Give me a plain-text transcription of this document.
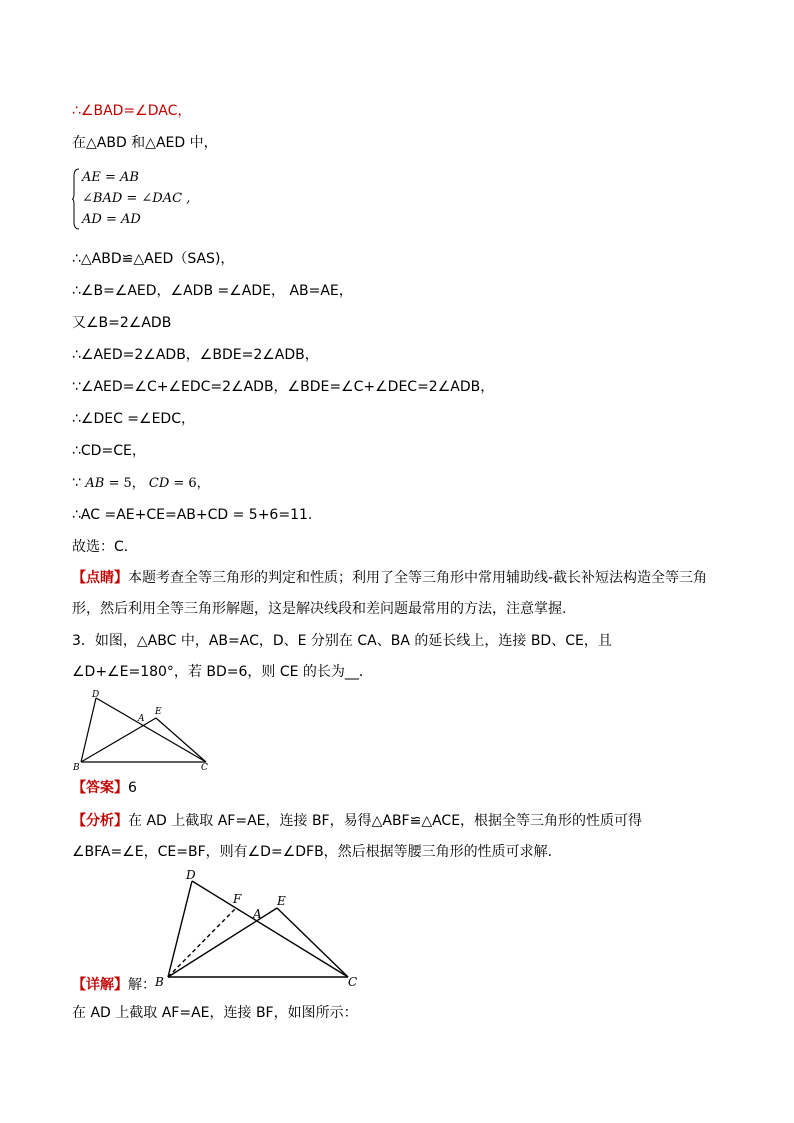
∴∠BAD=∠DAC，
在△ABD 和△AED 中，
AE = AB
∠BAD = ∠DAC ,
AD = AD
∴△ABD≌△AED（SAS)，
∴∠B=∠AED，∠ADB =∠ADE， AB=AE，
又∠B=2∠ADB
∴∠AED=2∠ADB，∠BDE=2∠ADB，
∵∠AED=∠C+∠EDC=2∠ADB，∠BDE=∠C+∠DEC=2∠ADB，
∴∠DEC =∠EDC，
∴CD=CE，
∵ AB = 5， CD = 6，
∴AC =AE+CE=AB+CD = 5+6=11.
故选：C．
【点睛】本题考查全等三角形的判定和性质；利用了全等三角形中常用辅助线-截长补短法构造全等三角形，然后利用全等三角形解题，这是解决线段和差问题最常用的方法，注意掌握.
3．如图，△ABC 中，AB=AC，D、E 分别在 CA、BA 的延长线上，连接 BD、CE，且∠D+∠E=180°，若 BD=6，则 CE 的长为__．
D
A
E
B	C
【答案】6
【分析】在 AD 上截取 AF=AE，连接 BF，易得△ABF≌△ACE，根据全等三角形的性质可得∠BFA=∠E，CE=BF，则有∠D=∠DFB，然后根据等腰三角形的性质可求解.
D
F
A
E
B	C
【详解】解：
在 AD 上截取 AF=AE，连接 BF，如图所示：
